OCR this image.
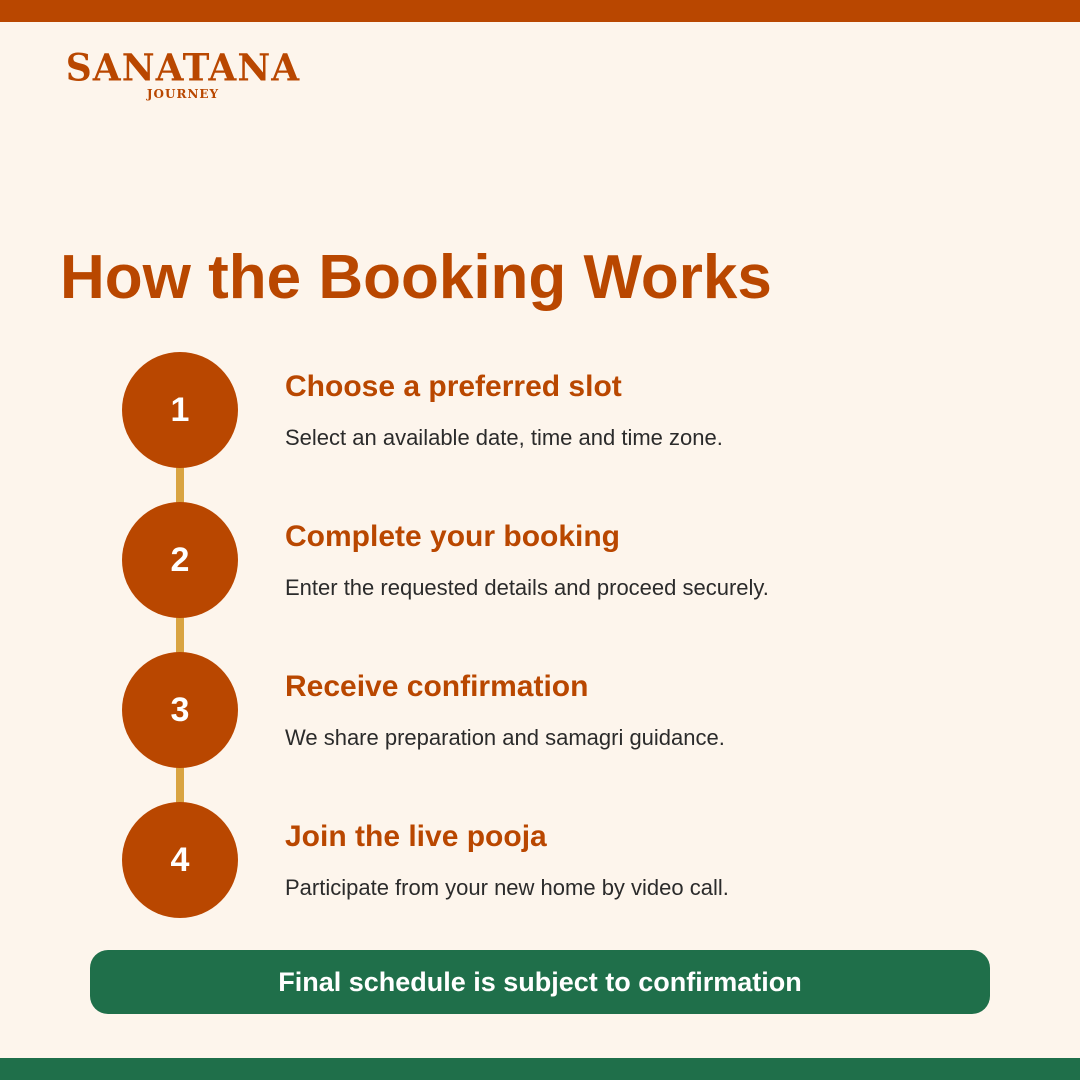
SANATANA
JOURNEY
How the Booking Works
1
Choose a preferred slot
Select an available date, time and time zone.
2
Complete your booking
Enter the requested details and proceed securely.
3
Receive confirmation
We share preparation and samagri guidance.
4
Join the live pooja
Participate from your new home by video call.
Final schedule is subject to confirmation
